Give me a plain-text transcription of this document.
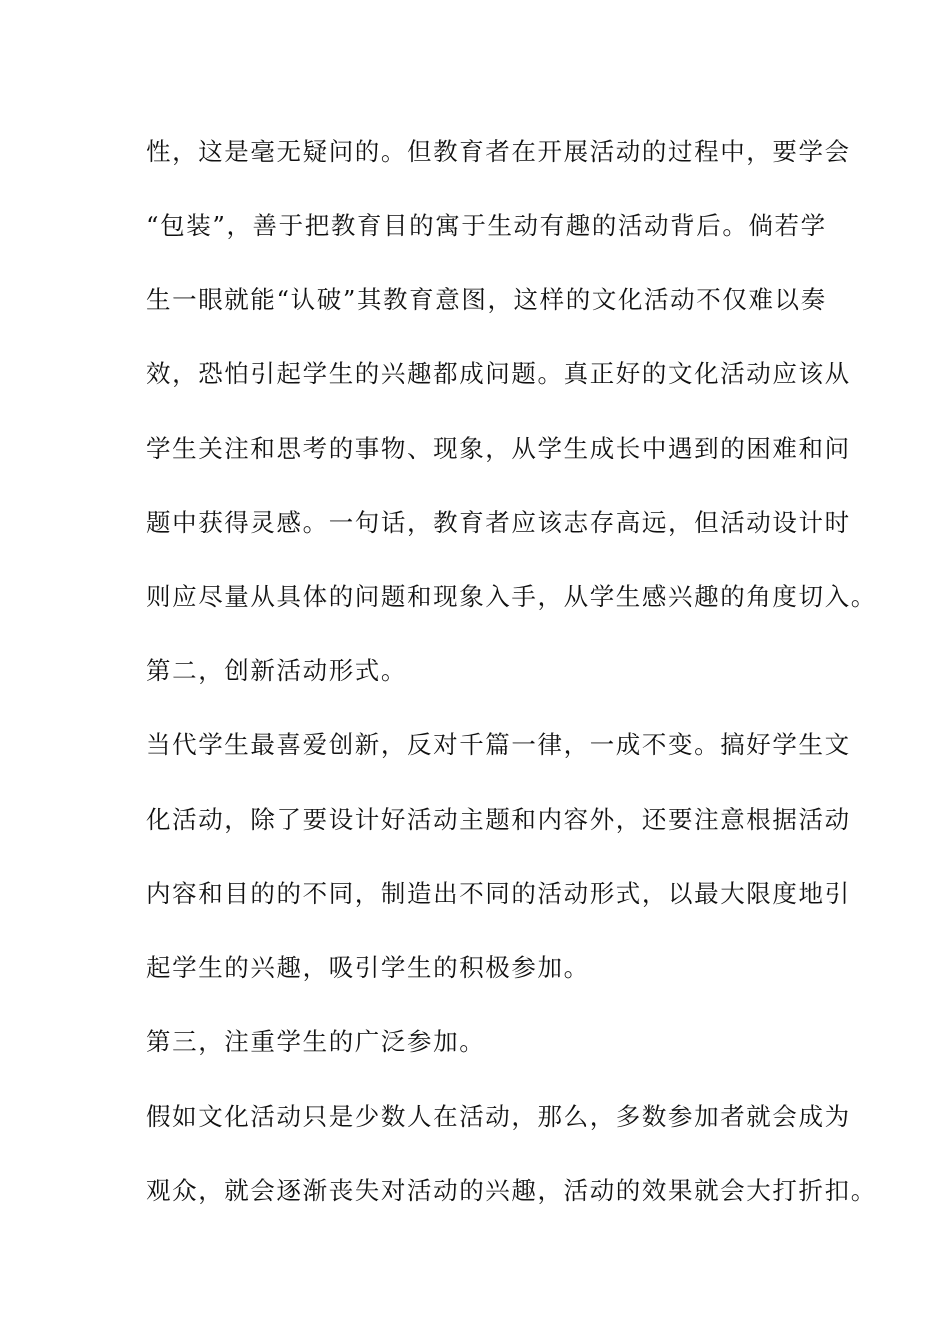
性，这是毫无疑问的。但教育者在开展活动的过程中，要学会
“包装”，善于把教育目的寓于生动有趣的活动背后。倘若学
生一眼就能“认破”其教育意图，这样的文化活动不仅难以奏
效，恐怕引起学生的兴趣都成问题。真正好的文化活动应该从
学生关注和思考的事物、现象，从学生成长中遇到的困难和问
题中获得灵感。一句话，教育者应该志存高远，但活动设计时
则应尽量从具体的问题和现象入手，从学生感兴趣的角度切入。
第二，创新活动形式。
当代学生最喜爱创新，反对千篇一律，一成不变。搞好学生文
化活动，除了要设计好活动主题和内容外，还要注意根据活动
内容和目的的不同，制造出不同的活动形式，以最大限度地引
起学生的兴趣，吸引学生的积极参加。
第三，注重学生的广泛参加。
假如文化活动只是少数人在活动，那么，多数参加者就会成为
观众，就会逐渐丧失对活动的兴趣，活动的效果就会大打折扣。
